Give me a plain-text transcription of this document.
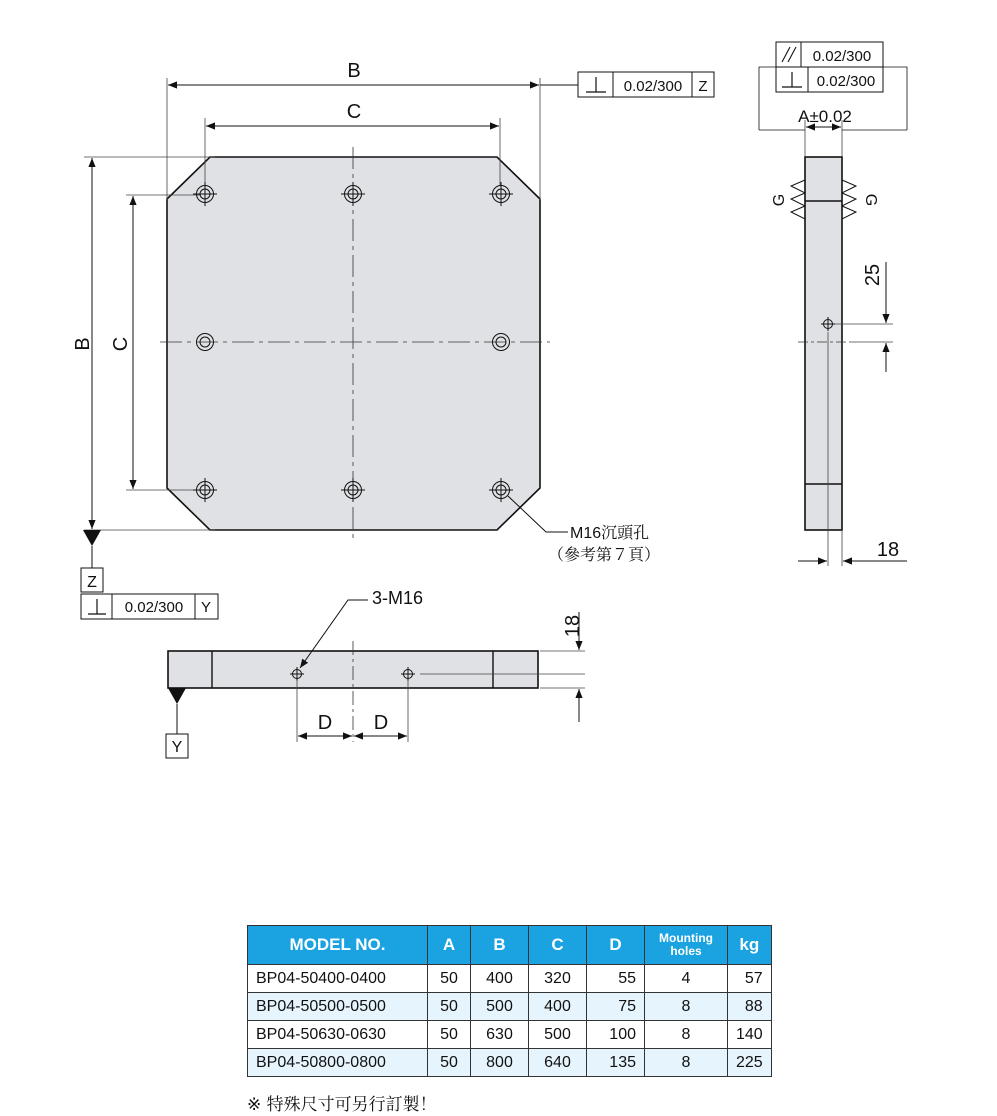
B
C
B C
Z
0.02/300 Y
0.02/300 Z
M16沉頭孔
（參考第７頁）
3-M16
D D
18
Y
G	G
A±0.02
0.02/300
0.02/300
25
18
MODEL NO.	A	B	C	D	Mounting holes	kg
BP04-50400-0400	50	400	320	55	4	57
BP04-50500-0500	50	500	400	75	8	88
BP04-50630-0630	50	630	500	100	8	140
BP04-50800-0800	50	800	640	135	8	225
※ 特殊尺寸可另行訂製！
